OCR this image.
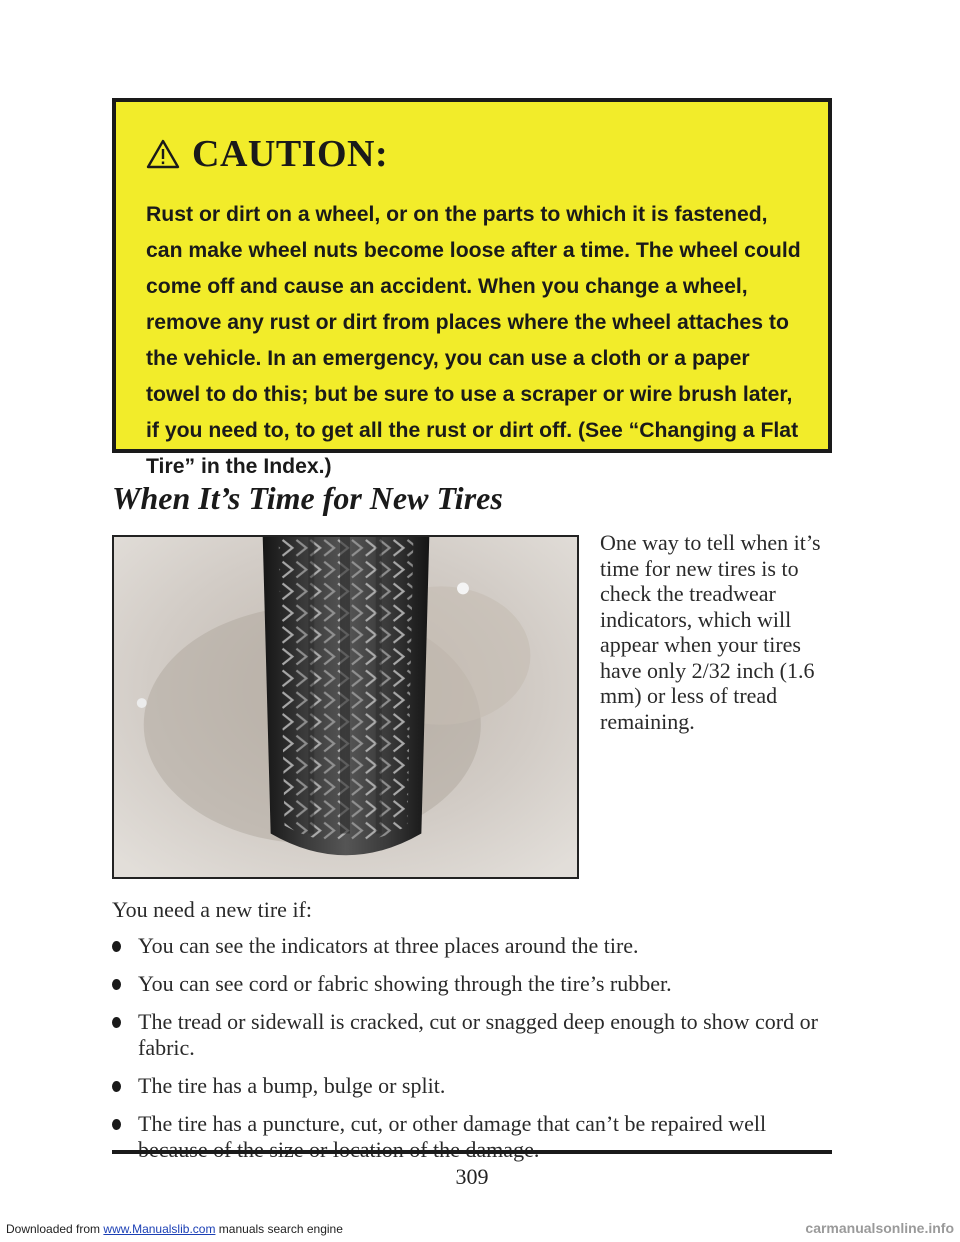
CAUTION:

Rust or dirt on a wheel, or on the parts to which it is fastened, can make wheel nuts become loose after a time. The wheel could come off and cause an accident. When you change a wheel, remove any rust or dirt from places where the wheel attaches to the vehicle. In an emergency, you can use a cloth or a paper towel to do this; but be sure to use a scraper or wire brush later, if you need to, to get all the rust or dirt off. (See “Changing a Flat Tire” in the Index.)

When It’s Time for New Tires

One way to tell when it’s time for new tires is to check the treadwear indicators, which will appear when your tires have only 2/32 inch (1.6 mm) or less of tread remaining.

You need a new tire if:

You can see the indicators at three places around the tire.
You can see cord or fabric showing through the tire’s rubber.
The tread or sidewall is cracked, cut or snagged deep enough to show cord or fabric.
The tire has a bump, bulge or split.
The tire has a puncture, cut, or other damage that can’t be repaired well

309

Downloaded from www.Manualslib.com manuals search engine	carmanualsonline.info
